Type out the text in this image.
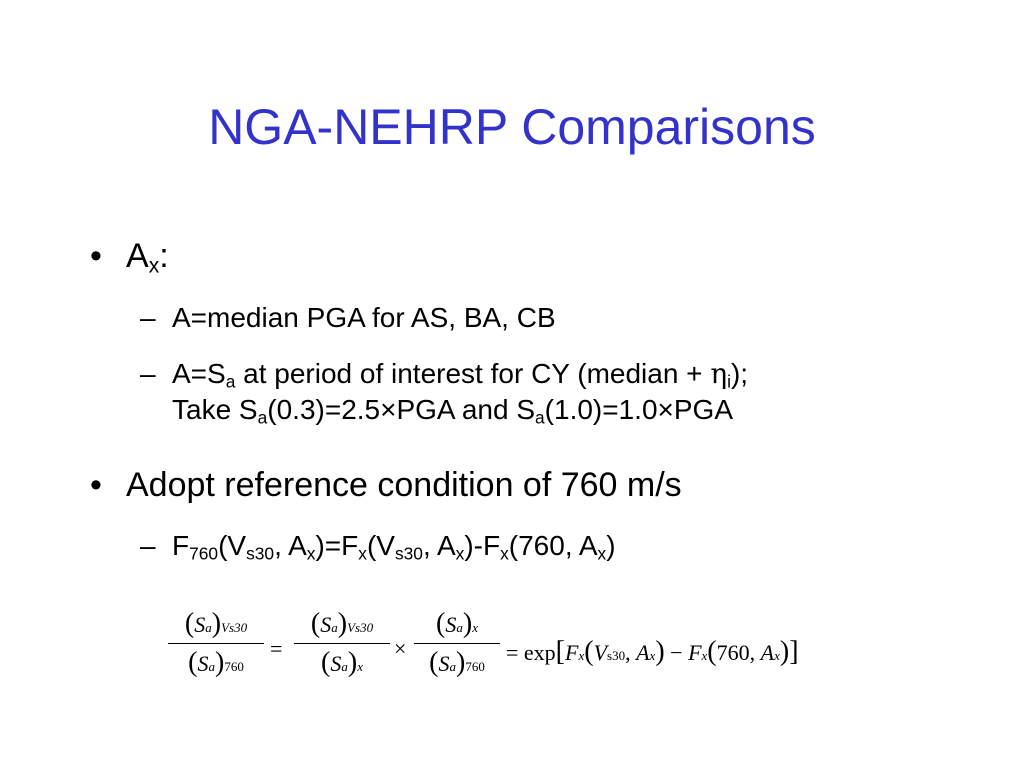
NGA-NEHRP Comparisons
• $A_x$:
– A=median PGA for AS, BA, CB
– $A=S_a$ at period of interest for CY (median + $\eta_i$);
Take $S_a(0.3)=2.5\times PGA$ and $S_a(1.0)=1.0\times PGA$
• Adopt reference condition of 760 m/s
– $F_{760}(V_{s30}$, $A_x)=F_x(V_{s30}$, $A_x)-F_x(760$, $A_x$)
(Sa)Vs30
(Sa)760
=
(Sa)Vs30
(Sa)x
×
(Sa)x
(Sa)760
= exp[Fx(Vs30, Ax) − Fx(760, Ax)]
